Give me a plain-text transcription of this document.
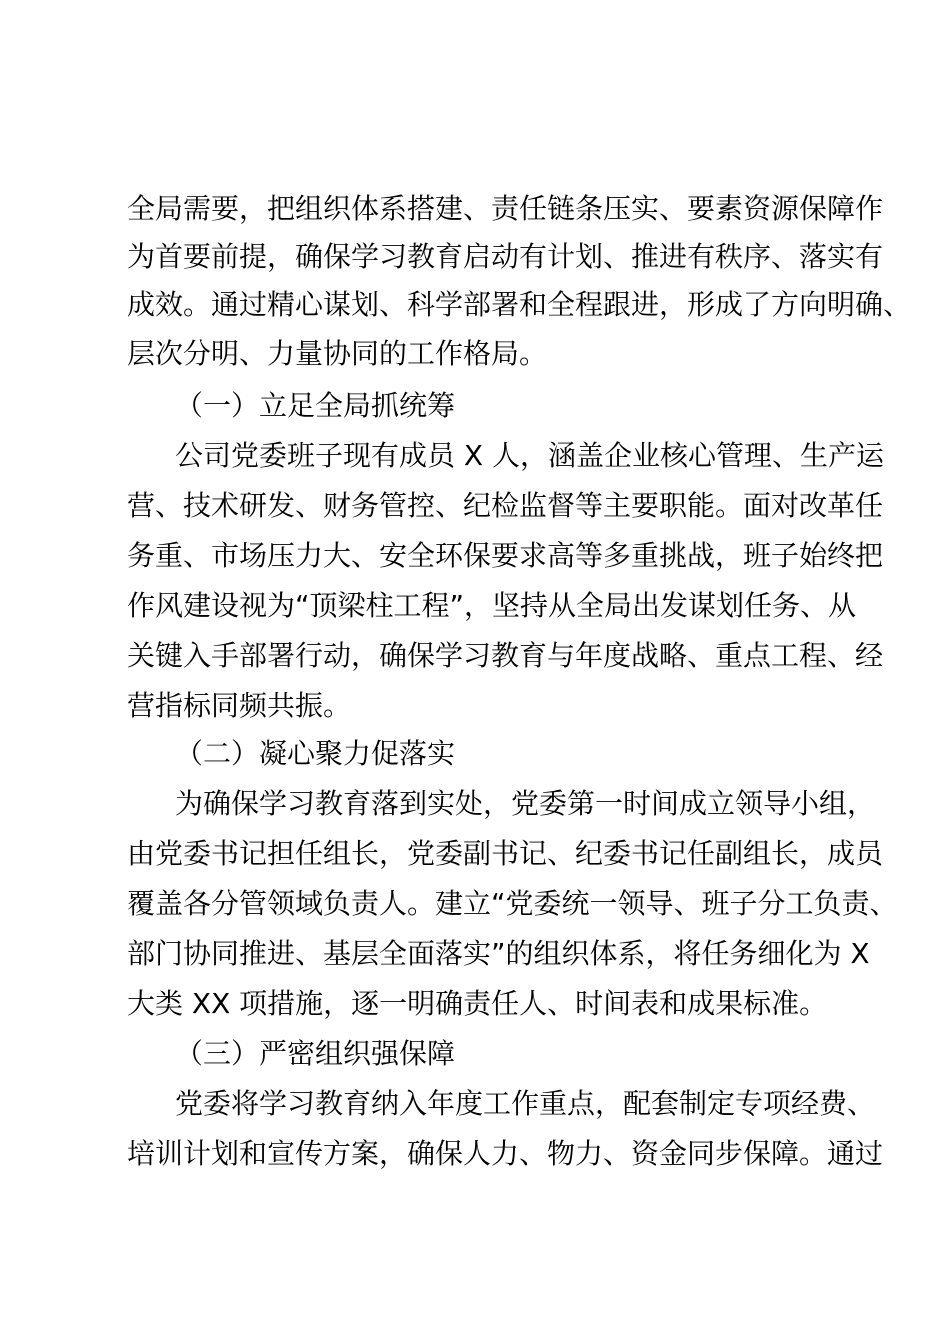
全局需要，把组织体系搭建、责任链条压实、要素资源保障作
为首要前提，确保学习教育启动有计划、推进有秩序、落实有
成效。通过精心谋划、科学部署和全程跟进，形成了方向明确、
层次分明、力量协同的工作格局。
（一）立足全局抓统筹
公司党委班子现有成员 X 人，涵盖企业核心管理、生产运
营、技术研发、财务管控、纪检监督等主要职能。面对改革任
务重、市场压力大、安全环保要求高等多重挑战，班子始终把
作风建设视为“顶梁柱工程”，坚持从全局出发谋划任务、从
关键入手部署行动，确保学习教育与年度战略、重点工程、经
营指标同频共振。
（二）凝心聚力促落实
为确保学习教育落到实处，党委第一时间成立领导小组，
由党委书记担任组长，党委副书记、纪委书记任副组长，成员
覆盖各分管领域负责人。建立“党委统一领导、班子分工负责、
部门协同推进、基层全面落实”的组织体系，将任务细化为 X
大类 XX 项措施，逐一明确责任人、时间表和成果标准。
（三）严密组织强保障
党委将学习教育纳入年度工作重点，配套制定专项经费、
培训计划和宣传方案，确保人力、物力、资金同步保障。通过
